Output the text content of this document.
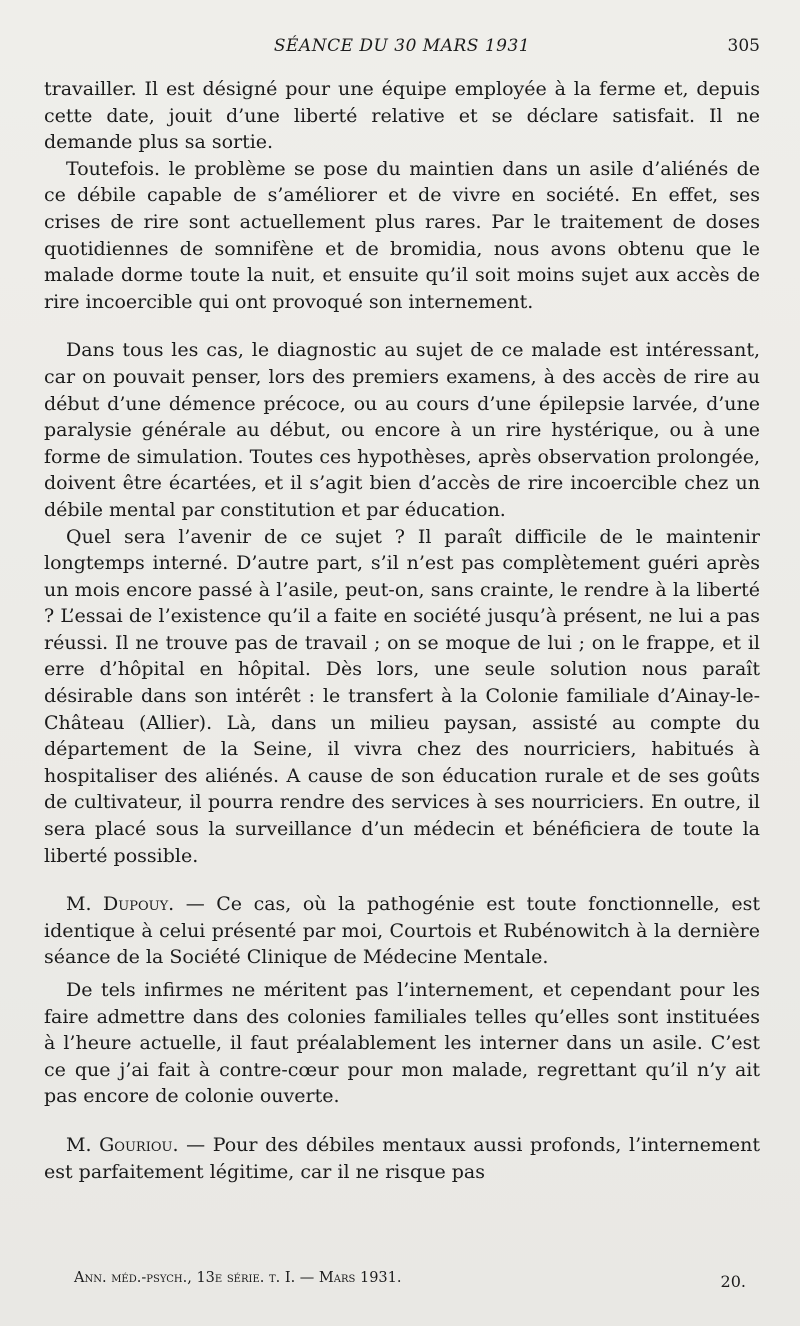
SÉANCE DU 30 MARS 1931	305

travailler. Il est désigné pour une équipe employée à la ferme et, depuis cette date, jouit d’une liberté relative et se déclare satisfait. Il ne demande plus sa sortie.

Toutefois. le problème se pose du maintien dans un asile d’aliénés de ce débile capable de s’améliorer et de vivre en société. En effet, ses crises de rire sont actuellement plus rares. Par le traitement de doses quotidiennes de somnifène et de bromidia, nous avons obtenu que le malade dorme toute la nuit, et ensuite qu’il soit moins sujet aux accès de rire incoercible qui ont provoqué son internement.

Dans tous les cas, le diagnostic au sujet de ce malade est intéressant, car on pouvait penser, lors des premiers examens, à des accès de rire au début d’une démence précoce, ou au cours d’une épilepsie larvée, d’une paralysie générale au début, ou encore à un rire hystérique, ou à une forme de simulation. Toutes ces hypothèses, après observation prolongée, doivent être écartées, et il s’agit bien d’accès de rire incoercible chez un débile mental par constitution et par éducation.

Quel sera l’avenir de ce sujet ? Il paraît difficile de le maintenir longtemps interné. D’autre part, s’il n’est pas complètement guéri après un mois encore passé à l’asile, peut-on, sans crainte, le rendre à la liberté ? L’essai de l’existence qu’il a faite en société jusqu’à présent, ne lui a pas réussi. Il ne trouve pas de travail ; on se moque de lui ; on le frappe, et il erre d’hôpital en hôpital. Dès lors, une seule solution nous paraît désirable dans son intérêt : le transfert à la Colonie familiale d’Ainay-le-Château (Allier). Là, dans un milieu paysan, assisté au compte du département de la Seine, il vivra chez des nourriciers, habitués à hospitaliser des aliénés. A cause de son éducation rurale et de ses goûts de cultivateur, il pourra rendre des services à ses nourriciers. En outre, il sera placé sous la surveillance d’un médecin et bénéficiera de toute la liberté possible.

M. Dupouy. — Ce cas, où la pathogénie est toute fonctionnelle, est identique à celui présenté par moi, Courtois et Rubénowitch à la dernière séance de la Société Clinique de Médecine Mentale.

De tels infirmes ne méritent pas l’internement, et cependant pour les faire admettre dans des colonies familiales telles qu’elles sont instituées à l’heure actuelle, il faut préalablement les interner dans un asile. C’est ce que j’ai fait à contre-cœur pour mon malade, regrettant qu’il n’y ait pas encore de colonie ouverte.

M. Gouriou. — Pour des débiles mentaux aussi profonds, l’internement est parfaitement légitime, car il ne risque pas

Ann. méd.-psych., 13e série. t. I. — Mars 1931.	20.
